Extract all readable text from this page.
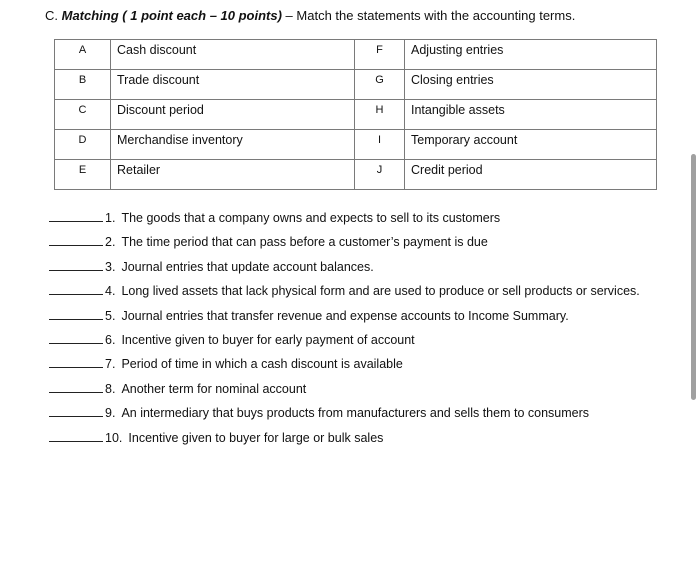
C. Matching ( 1 point each – 10 points) – Match the statements with the accounting terms.
A	Cash discount	F	Adjusting entries
B	Trade discount	G	Closing entries
C	Discount period	H	Intangible assets
D	Merchandise inventory	I	Temporary account
E	Retailer	J	Credit period
1. The goods that a company owns and expects to sell to its customers
2. The time period that can pass before a customer’s payment is due
3. Journal entries that update account balances.
4. Long lived assets that lack physical form and are used to produce or sell products or services.
5. Journal entries that transfer revenue and expense accounts to Income Summary.
6. Incentive given to buyer for early payment of account
7. Period of time in which a cash discount is available
8. Another term for nominal account
9. An intermediary that buys products from manufacturers and sells them to consumers
10. Incentive given to buyer for large or bulk sales
